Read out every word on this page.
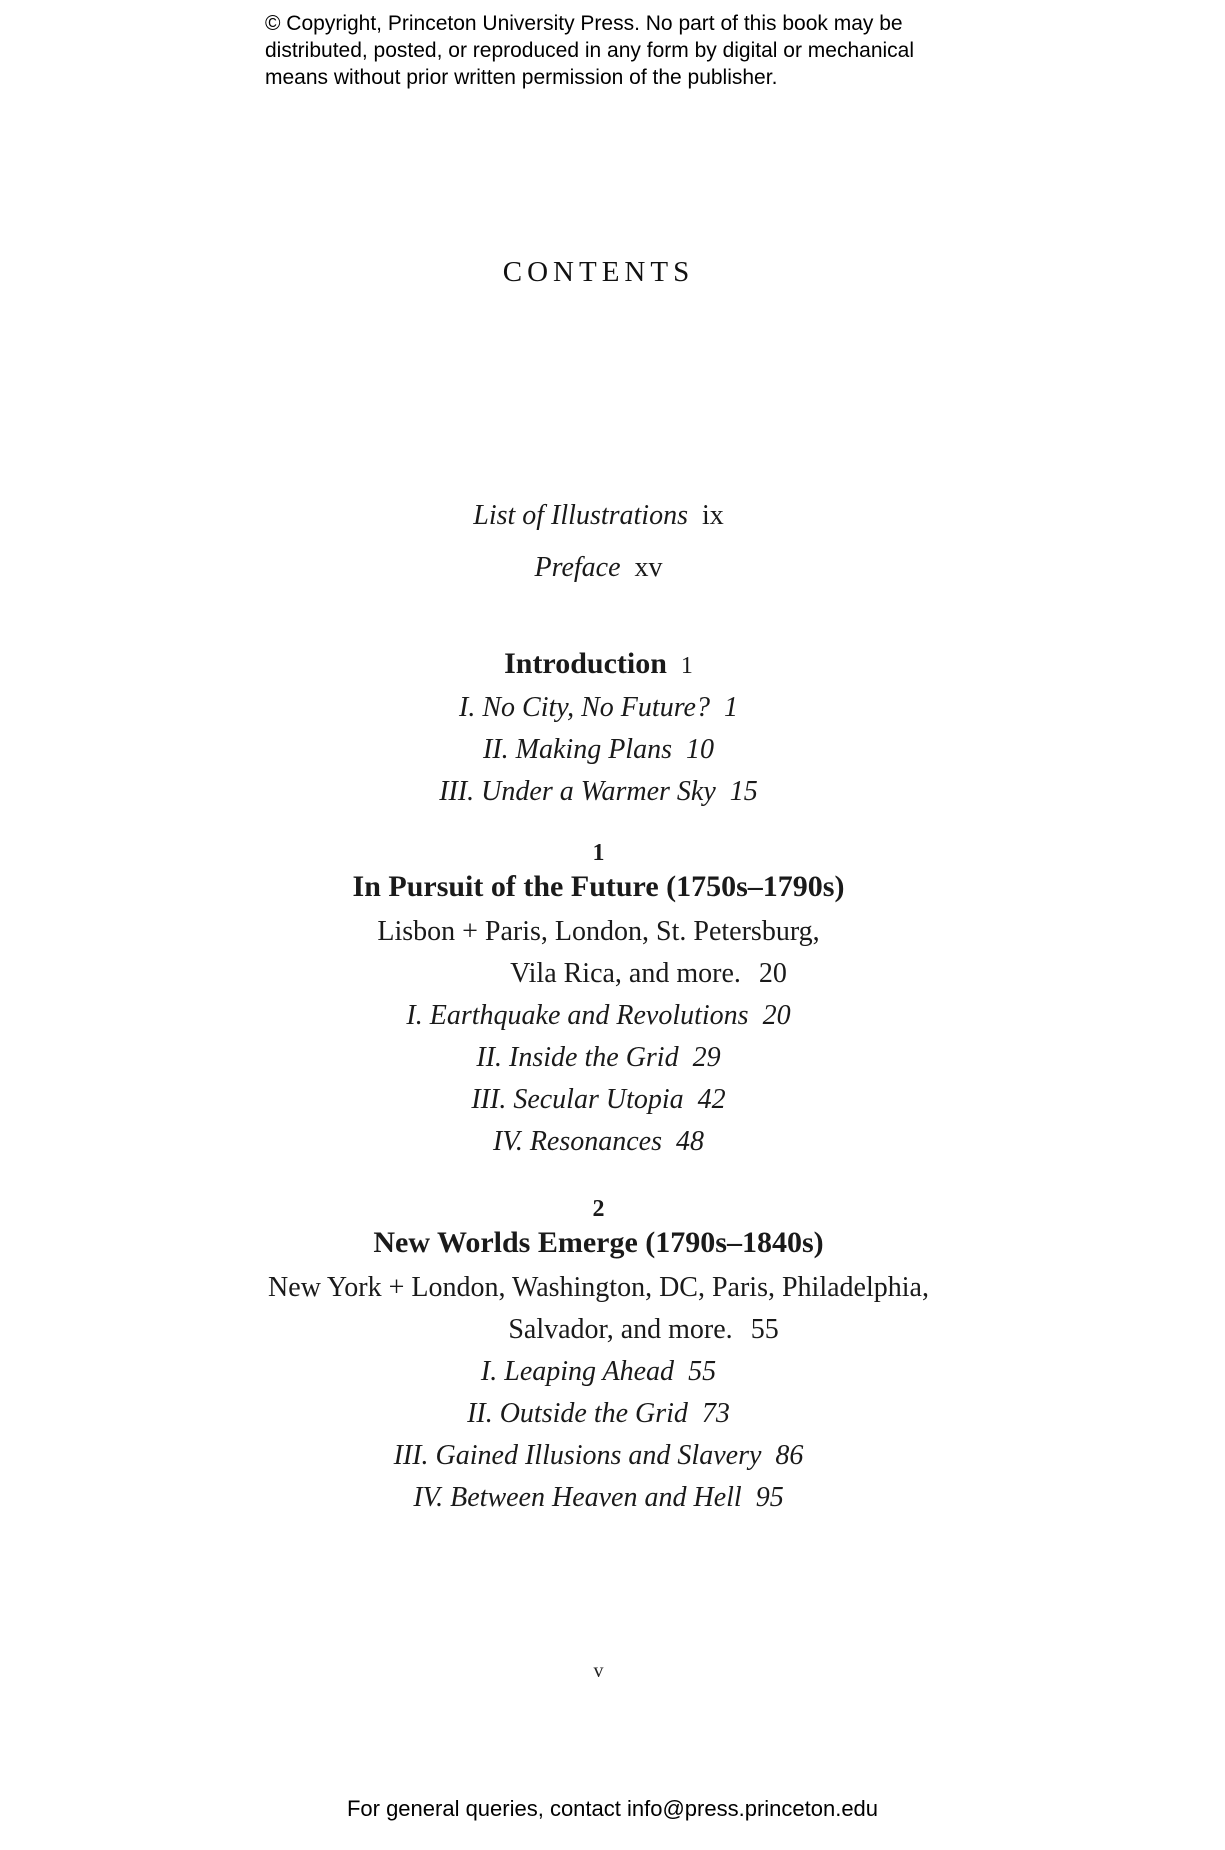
© Copyright, Princeton University Press. No part of this book may be
distributed, posted, or reproduced in any form by digital or mechanical
means without prior written permission of the publisher.
CONTENTS
List of Illustrations ix
Preface xv
Introduction 1
I. No City, No Future? 1
II. Making Plans 10
III. Under a Warmer Sky 15
1
In Pursuit of the Future (1750s–1790s)
Lisbon + Paris, London, St. Petersburg,
Vila Rica, and more. 20
I. Earthquake and Revolutions 20
II. Inside the Grid 29
III. Secular Utopia 42
IV. Resonances 48
2
New Worlds Emerge (1790s–1840s)
New York + London, Washington, DC, Paris, Philadelphia,
Salvador, and more. 55
I. Leaping Ahead 55
II. Outside the Grid 73
III. Gained Illusions and Slavery 86
IV. Between Heaven and Hell 95
v
For general queries, contact info@press.princeton.edu
